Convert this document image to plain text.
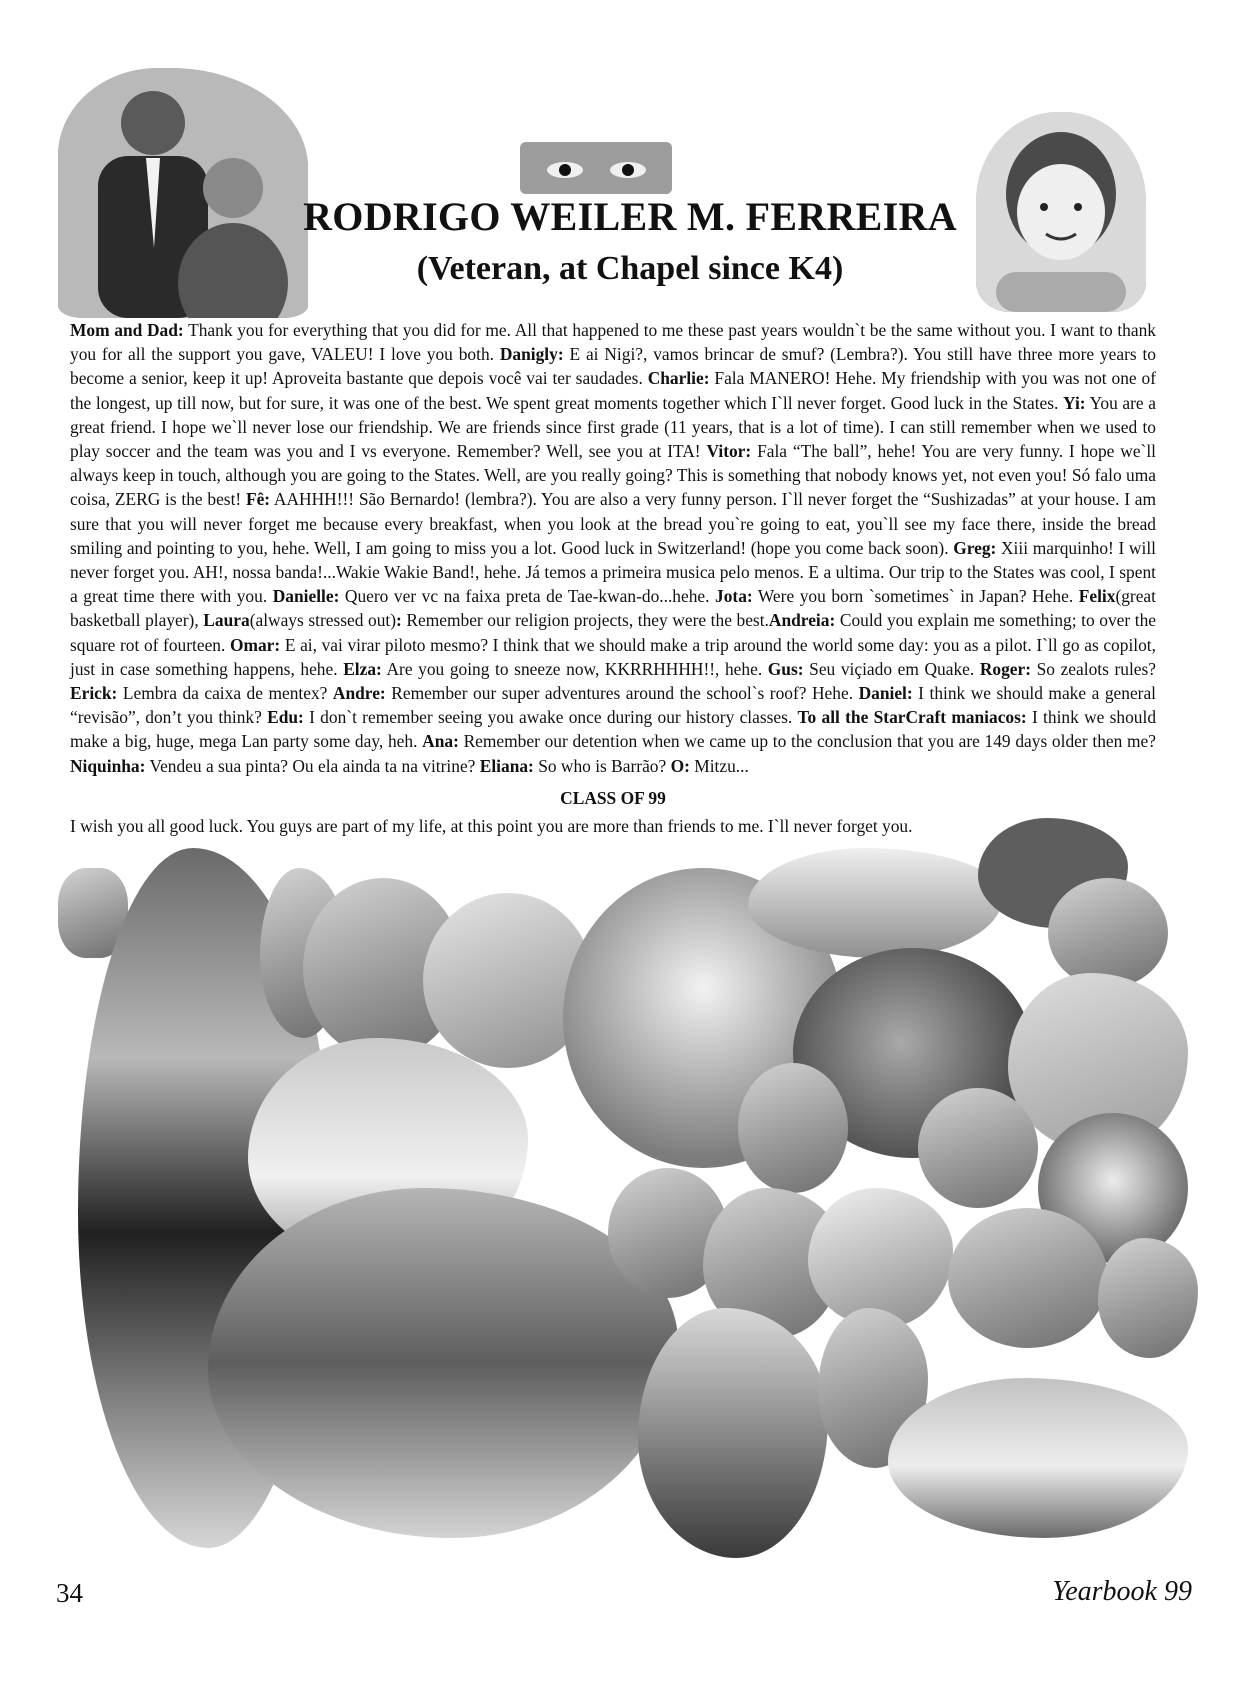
RODRIGO WEILER M. FERREIRA
(Veteran, at Chapel since K4)
Mom and Dad: Thank you for everything that you did for me. All that happened to me these past years wouldn`t be the same without you. I want to thank you for all the support you gave, VALEU! I love you both. Danigly: E ai Nigi?, vamos brincar de smuf? (Lembra?). You still have three more years to become a senior, keep it up! Aproveita bastante que depois você vai ter saudades. Charlie: Fala MANERO! Hehe. My friendship with you was not one of the longest, up till now, but for sure, it was one of the best. We spent great moments together which I`ll never forget. Good luck in the States. Yi: You are a great friend. I hope we`ll never lose our friendship. We are friends since first grade (11 years, that is a lot of time). I can still remember when we used to play soccer and the team was you and I vs everyone. Remember? Well, see you at ITA! Vitor: Fala “The ball”, hehe! You are very funny. I hope we`ll always keep in touch, although you are going to the States. Well, are you really going? This is something that nobody knows yet, not even you! Só falo uma coisa, ZERG is the best! Fê: AAHHH!!! São Bernardo! (lembra?). You are also a very funny person. I`ll never forget the “Sushizadas” at your house. I am sure that you will never forget me because every breakfast, when you look at the bread you`re going to eat, you`ll see my face there, inside the bread smiling and pointing to you, hehe. Well, I am going to miss you a lot. Good luck in Switzerland! (hope you come back soon). Greg: Xiii marquinho! I will never forget you. AH!, nossa banda!...Wakie Wakie Band!, hehe. Já temos a primeira musica pelo menos. E a ultima. Our trip to the States was cool, I spent a great time there with you. Danielle: Quero ver vc na faixa preta de Tae-kwan-do...hehe. Jota: Were you born `sometimes` in Japan? Hehe. Felix(great basketball player), Laura(always stressed out): Remember our religion projects, they were the best.Andreia: Could you explain me something; to over the square rot of fourteen. Omar: E ai, vai virar piloto mesmo? I think that we should make a trip around the world some day: you as a pilot. I`ll go as copilot, just in case something happens, hehe. Elza: Are you going to sneeze now, KKRRHHHH!!, hehe. Gus: Seu viçiado em Quake. Roger: So zealots rules? Erick: Lembra da caixa de mentex? Andre: Remember our super adventures around the school`s roof? Hehe. Daniel: I think we should make a general “revisão”, don’t you think? Edu: I don`t remember seeing you awake once during our history classes. To all the StarCraft maniacos: I think we should make a big, huge, mega Lan party some day, heh. Ana: Remember our detention when we came up to the conclusion that you are 149 days older then me? Niquinha: Vendeu a sua pinta? Ou ela ainda ta na vitrine? Eliana: So who is Barrão? O: Mitzu...
CLASS OF 99
I wish you all good luck. You guys are part of my life, at this point you are more than friends to me. I`ll never forget you.
34	Yearbook 99
